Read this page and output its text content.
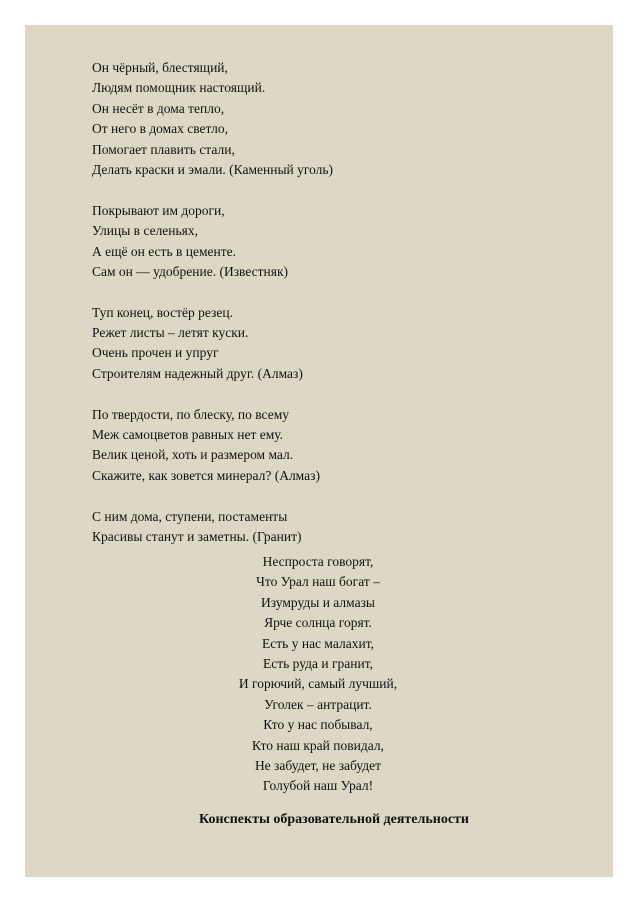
Он чёрный, блестящий,
Людям помощник настоящий.
Он несёт в дома тепло,
От него в домах светло,
Помогает плавить стали,
Делать краски и эмали. (Каменный уголь)
Покрывают им дороги,
Улицы в селеньях,
А ещё он есть в цементе.
Сам он — удобрение. (Известняк)
Туп конец, востёр резец.
Режет листы – летят куски.
Очень прочен и упруг
Строителям надежный друг. (Алмаз)
По твердости, по блеску, по всему
Меж самоцветов равных нет ему.
Велик ценой, хоть и размером мал.
Скажите, как зовется минерал? (Алмаз)
С ним дома, ступени, постаменты
Красивы станут и заметны. (Гранит)
Неспроста говорят,
Что Урал наш богат –
Изумруды и алмазы
Ярче солнца горят.
Есть у нас малахит,
Есть руда и гранит,
И горючий, самый лучший,
Уголек – антрацит.
Кто у нас побывал,
Кто наш край повидал,
Не забудет, не забудет
Голубой наш Урал!
Конспекты образовательной деятельности
